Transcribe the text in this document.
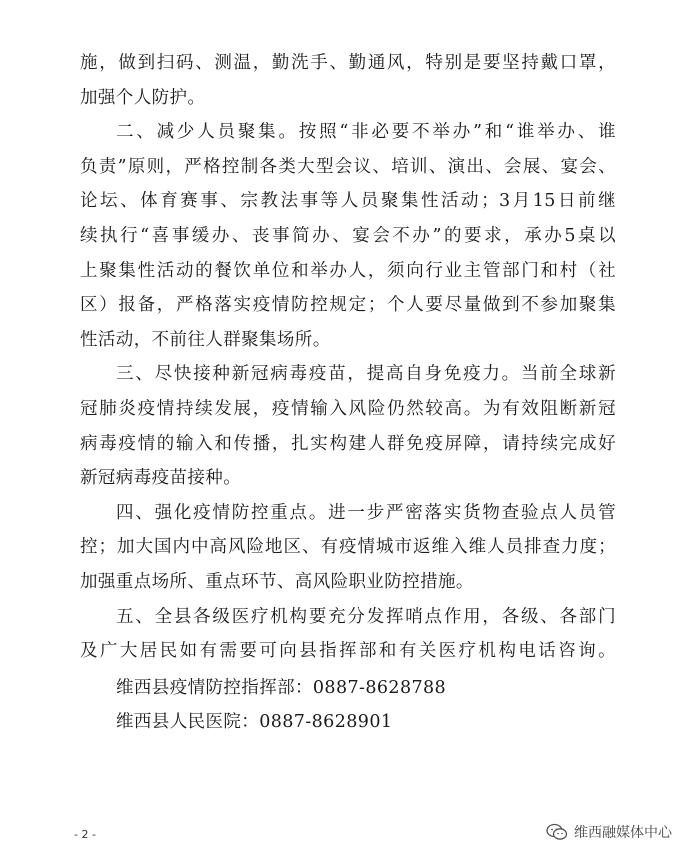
施，做到扫码、测温，勤洗手、勤通风，特别是要坚持戴口罩，
加强个人防护。
二、减少人员聚集。按照“非必要不举办”和“谁举办、谁
负责”原则，严格控制各类大型会议、培训、演出、会展、宴会、
论坛、体育赛事、宗教法事等人员聚集性活动；3月15日前继
续执行“喜事缓办、丧事简办、宴会不办”的要求，承办5桌以
上聚集性活动的餐饮单位和举办人，须向行业主管部门和村（社
区）报备，严格落实疫情防控规定；个人要尽量做到不参加聚集
性活动，不前往人群聚集场所。
三、尽快接种新冠病毒疫苗，提高自身免疫力。当前全球新
冠肺炎疫情持续发展，疫情输入风险仍然较高。为有效阻断新冠
病毒疫情的输入和传播，扎实构建人群免疫屏障，请持续完成好
新冠病毒疫苗接种。
四、强化疫情防控重点。进一步严密落实货物查验点人员管
控；加大国内中高风险地区、有疫情城市返维入维人员排查力度；
加强重点场所、重点环节、高风险职业防控措施。
五、全县各级医疗机构要充分发挥哨点作用，各级、各部门
及广大居民如有需要可向县指挥部和有关医疗机构电话咨询。
维西县疫情防控指挥部：0887-8628788
维西县人民医院：0887-8628901
- 2 -	维西融媒体中心
